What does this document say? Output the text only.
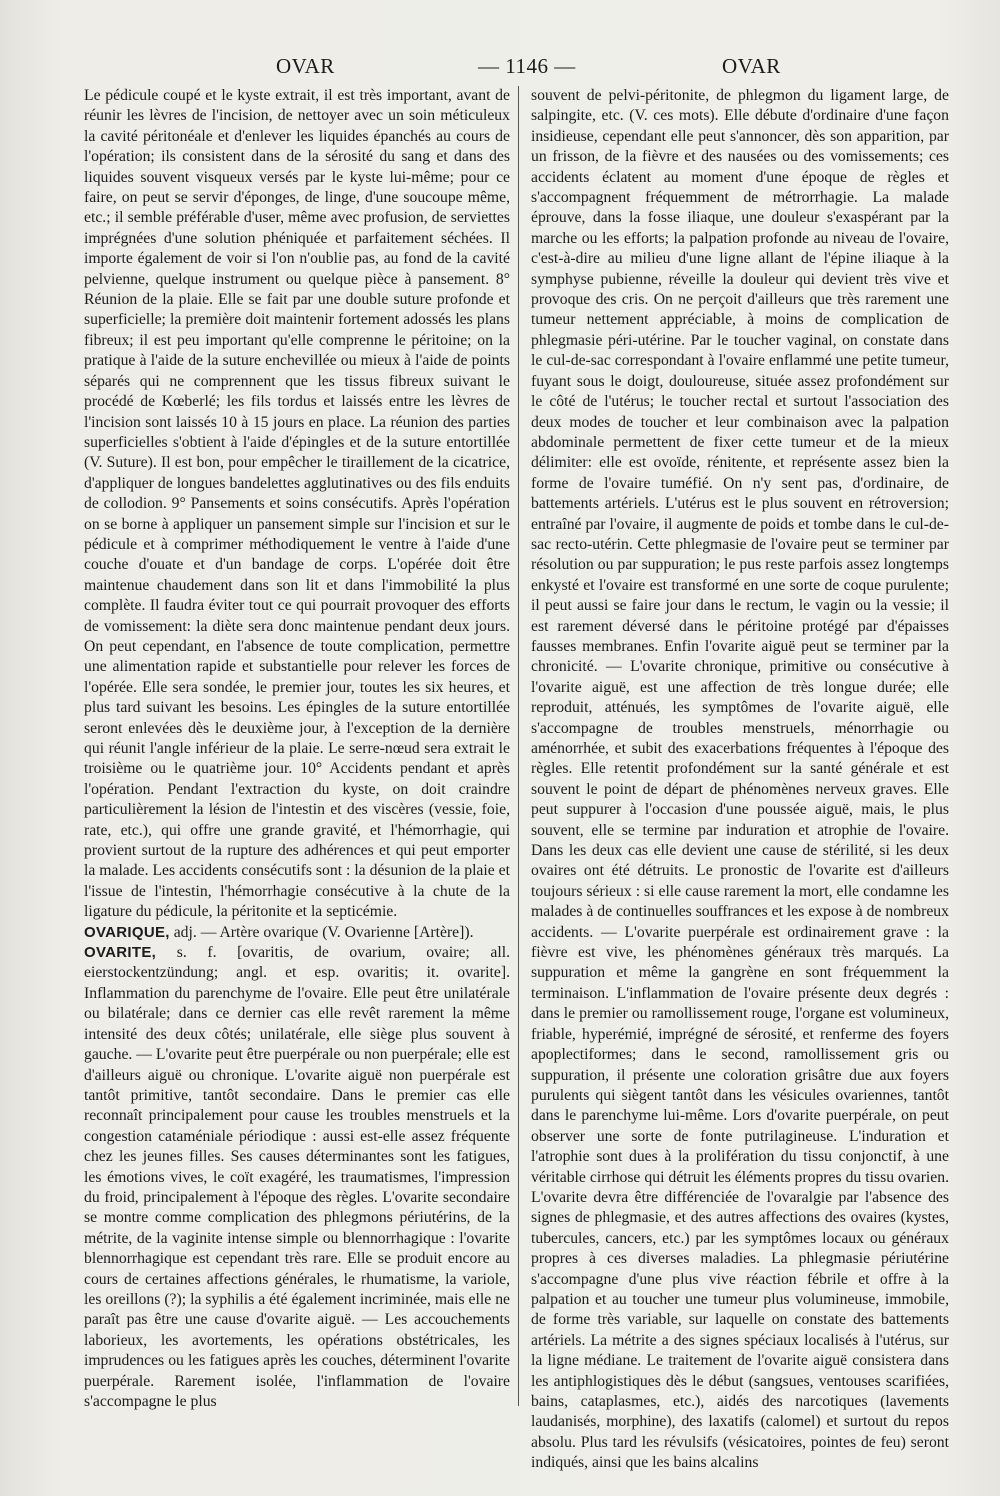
OVAR	— 1146 —	OVAR

Le pédicule coupé et le kyste extrait, il est très important, avant de réunir les lèvres de l'incision, de nettoyer avec un soin méticuleux la cavité péritonéale et d'enlever les liquides épanchés au cours de l'opération; ils consistent dans de la sérosité du sang et dans des liquides souvent visqueux versés par le kyste lui-même; pour ce faire, on peut se servir d'éponges, de linge, d'une soucoupe même, etc.; il semble préférable d'user, même avec profusion, de serviettes imprégnées d'une solution phéniquée et parfaitement séchées. Il importe également de voir si l'on n'oublie pas, au fond de la cavité pelvienne, quelque instrument ou quelque pièce à pansement. 8° Réunion de la plaie. Elle se fait par une double suture profonde et superficielle; la première doit maintenir fortement adossés les plans fibreux; il est peu important qu'elle comprenne le péritoine; on la pratique à l'aide de la suture enchevillée ou mieux à l'aide de points séparés qui ne comprennent que les tissus fibreux suivant le procédé de Kœberlé; les fils tordus et laissés entre les lèvres de l'incision sont laissés 10 à 15 jours en place. La réunion des parties superficielles s'obtient à l'aide d'épingles et de la suture entortillée (V. Suture). Il est bon, pour empêcher le tiraillement de la cicatrice, d'appliquer de longues bandelettes agglutinatives ou des fils enduits de collodion. 9° Pansements et soins consécutifs. Après l'opération on se borne à appliquer un pansement simple sur l'incision et sur le pédicule et à comprimer méthodiquement le ventre à l'aide d'une couche d'ouate et d'un bandage de corps. L'opérée doit être maintenue chaudement dans son lit et dans l'immobilité la plus complète. Il faudra éviter tout ce qui pourrait provoquer des efforts de vomissement: la diète sera donc maintenue pendant deux jours. On peut cependant, en l'absence de toute complication, permettre une alimentation rapide et substantielle pour relever les forces de l'opérée. Elle sera sondée, le premier jour, toutes les six heures, et plus tard suivant les besoins. Les épingles de la suture entortillée seront enlevées dès le deuxième jour, à l'exception de la dernière qui réunit l'angle inférieur de la plaie. Le serre-nœud sera extrait le troisième ou le quatrième jour. 10° Accidents pendant et après l'opération. Pendant l'extraction du kyste, on doit craindre particulièrement la lésion de l'intestin et des viscères (vessie, foie, rate, etc.), qui offre une grande gravité, et l'hémorrhagie, qui provient surtout de la rupture des adhérences et qui peut emporter la malade. Les accidents consécutifs sont : la désunion de la plaie et l'issue de l'intestin, l'hémorrhagie consécutive à la chute de la ligature du pédicule, la péritonite et la septicémie.

OVARIQUE, adj. — Artère ovarique (V. Ovarienne [Artère]).

OVARITE, s. f. [ovaritis, de ovarium, ovaire; all. eierstockentzündung; angl. et esp. ovaritis; it. ovarite]. Inflammation du parenchyme de l'ovaire. Elle peut être unilatérale ou bilatérale; dans ce dernier cas elle revêt rarement la même intensité des deux côtés; unilatérale, elle siège plus souvent à gauche. — L'ovarite peut être puerpérale ou non puerpérale; elle est d'ailleurs aiguë ou chronique. L'ovarite aiguë non puerpérale est tantôt primitive, tantôt secondaire. Dans le premier cas elle reconnaît principalement pour cause les troubles menstruels et la congestion cataméniale périodique : aussi est-elle assez fréquente chez les jeunes filles. Ses causes déterminantes sont les fatigues, les émotions vives, le coït exagéré, les traumatismes, l'impression du froid, principalement à l'époque des règles. L'ovarite secondaire se montre comme complication des phlegmons périutérins, de la métrite, de la vaginite intense simple ou blennorrhagique : l'ovarite blennorrhagique est cependant très rare. Elle se produit encore au cours de certaines affections générales, le rhumatisme, la variole, les oreillons (?); la syphilis a été également incriminée, mais elle ne paraît pas être une cause d'ovarite aiguë. — Les accouchements laborieux, les avortements, les opérations obstétricales, les imprudences ou les fatigues après les couches, déterminent l'ovarite puerpérale. Rarement isolée, l'inflammation de l'ovaire s'accompagne le plus

souvent de pelvi-péritonite, de phlegmon du ligament large, de salpingite, etc. (V. ces mots). Elle débute d'ordinaire d'une façon insidieuse, cependant elle peut s'annoncer, dès son apparition, par un frisson, de la fièvre et des nausées ou des vomissements; ces accidents éclatent au moment d'une époque de règles et s'accompagnent fréquemment de métrorrhagie. La malade éprouve, dans la fosse iliaque, une douleur s'exaspérant par la marche ou les efforts; la palpation profonde au niveau de l'ovaire, c'est-à-dire au milieu d'une ligne allant de l'épine iliaque à la symphyse pubienne, réveille la douleur qui devient très vive et provoque des cris. On ne perçoit d'ailleurs que très rarement une tumeur nettement appréciable, à moins de complication de phlegmasie péri-utérine. Par le toucher vaginal, on constate dans le cul-de-sac correspondant à l'ovaire enflammé une petite tumeur, fuyant sous le doigt, douloureuse, située assez profondément sur le côté de l'utérus; le toucher rectal et surtout l'association des deux modes de toucher et leur combinaison avec la palpation abdominale permettent de fixer cette tumeur et de la mieux délimiter: elle est ovoïde, rénitente, et représente assez bien la forme de l'ovaire tuméfié. On n'y sent pas, d'ordinaire, de battements artériels. L'utérus est le plus souvent en rétroversion; entraîné par l'ovaire, il augmente de poids et tombe dans le cul-de-sac recto-utérin. Cette phlegmasie de l'ovaire peut se terminer par résolution ou par suppuration; le pus reste parfois assez longtemps enkysté et l'ovaire est transformé en une sorte de coque purulente; il peut aussi se faire jour dans le rectum, le vagin ou la vessie; il est rarement déversé dans le péritoine protégé par d'épaisses fausses membranes. Enfin l'ovarite aiguë peut se terminer par la chronicité. — L'ovarite chronique, primitive ou consécutive à l'ovarite aiguë, est une affection de très longue durée; elle reproduit, atténués, les symptômes de l'ovarite aiguë, elle s'accompagne de troubles menstruels, ménorrhagie ou aménorrhée, et subit des exacerbations fréquentes à l'époque des règles. Elle retentit profondément sur la santé générale et est souvent le point de départ de phénomènes nerveux graves. Elle peut suppurer à l'occasion d'une poussée aiguë, mais, le plus souvent, elle se termine par induration et atrophie de l'ovaire. Dans les deux cas elle devient une cause de stérilité, si les deux ovaires ont été détruits. Le pronostic de l'ovarite est d'ailleurs toujours sérieux : si elle cause rarement la mort, elle condamne les malades à de continuelles souffrances et les expose à de nombreux accidents. — L'ovarite puerpérale est ordinairement grave : la fièvre est vive, les phénomènes généraux très marqués. La suppuration et même la gangrène en sont fréquemment la terminaison. L'inflammation de l'ovaire présente deux degrés : dans le premier ou ramollissement rouge, l'organe est volumineux, friable, hyperémié, imprégné de sérosité, et renferme des foyers apoplectiformes; dans le second, ramollissement gris ou suppuration, il présente une coloration grisâtre due aux foyers purulents qui siègent tantôt dans les vésicules ovariennes, tantôt dans le parenchyme lui-même. Lors d'ovarite puerpérale, on peut observer une sorte de fonte putrilagineuse. L'induration et l'atrophie sont dues à la prolifération du tissu conjonctif, à une véritable cirrhose qui détruit les éléments propres du tissu ovarien. L'ovarite devra être différenciée de l'ovaralgie par l'absence des signes de phlegmasie, et des autres affections des ovaires (kystes, tubercules, cancers, etc.) par les symptômes locaux ou généraux propres à ces diverses maladies. La phlegmasie périutérine s'accompagne d'une plus vive réaction fébrile et offre à la palpation et au toucher une tumeur plus volumineuse, immobile, de forme très variable, sur laquelle on constate des battements artériels. La métrite a des signes spéciaux localisés à l'utérus, sur la ligne médiane. Le traitement de l'ovarite aiguë consistera dans les antiphlogistiques dès le début (sangsues, ventouses scarifiées, bains, cataplasmes, etc.), aidés des narcotiques (lavements laudanisés, morphine), des laxatifs (calomel) et surtout du repos absolu. Plus tard les révulsifs (vésicatoires, pointes de feu) seront indiqués, ainsi que les bains alcalins
